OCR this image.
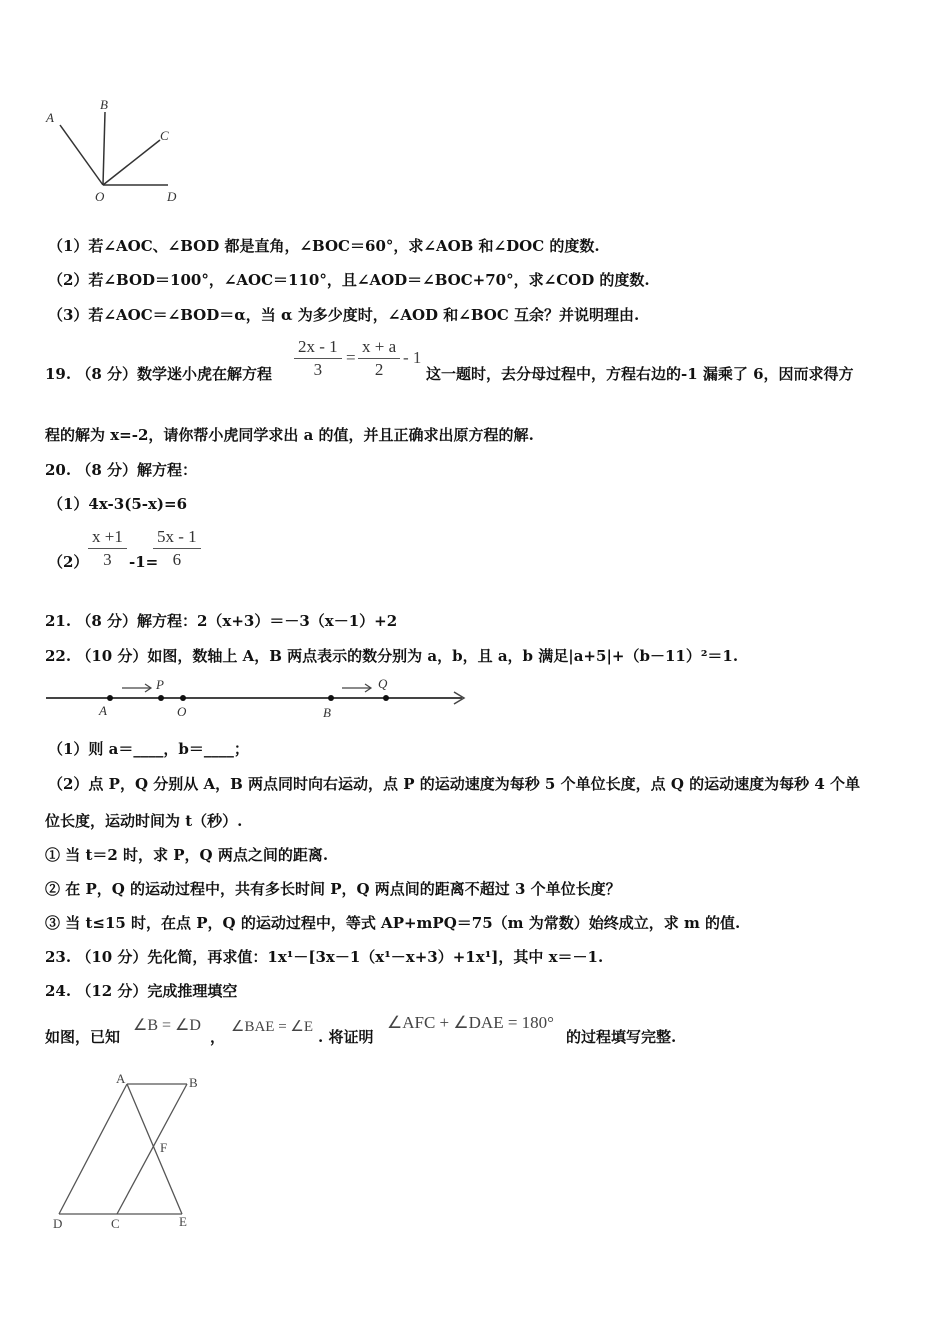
A
B
C
O	D
（1）若∠AOC、∠BOD 都是直角，∠BOC＝60°，求∠AOB 和∠DOC 的度数.
（2）若∠BOD＝100°，∠AOC＝110°，且∠AOD＝∠BOC+70°，求∠COD 的度数.
（3）若∠AOC＝∠BOD＝α，当 α 为多少度时，∠AOD 和∠BOC 互余？并说明理由.
19. （8 分）数学迷小虎在解方程 $\frac{2x - 1}{3} = \frac{x + a}{2} - 1$
这一题时，去分母过程中，方程右边的-1 漏乘了 6，因而求得方
程的解为 x=-2，请你帮小虎同学求出 a 的值，并且正确求出原方程的解.
20. （8 分）解方程：
（1）4x-3(5-x)=6
$(2) \frac{x +1}{3} -1=$
$\frac{5x - 1}{6}$
21. （8 分）解方程：2（x+3）＝－3（x－1）+2
22. （10 分）如图，数轴上 A，B 两点表示的数分别为 a，b，且 a，b 满足|a+5|+（b－11）²＝1.
A	O	B
P	Q
（1）则 a＝____，b＝____；
（2）点 P，Q 分别从 A，B 两点同时向右运动，点 P 的运动速度为每秒 5 个单位长度，点 Q 的运动速度为每秒 4 个单
位长度，运动时间为 t（秒）.
① 当 t＝2 时，求 P，Q 两点之间的距离.
② 在 P，Q 的运动过程中，共有多长时间 P，Q 两点间的距离不超过 3 个单位长度？
③ 当 t≤15 时，在点 P，Q 的运动过程中，等式 AP+mPQ＝75（m 为常数）始终成立，求 m 的值.
23. （10 分）先化简，再求值：1x¹－[3x－1（x¹－x+3）+1x¹]，其中 x＝－1.
24. （12 分）完成推理填空
如图，已知
∠B = ∠D
，
∠BAE = ∠E
. 将证明
∠AFC + ∠DAE = 180°
的过程填写完整.
A	B
F
D	C	E
